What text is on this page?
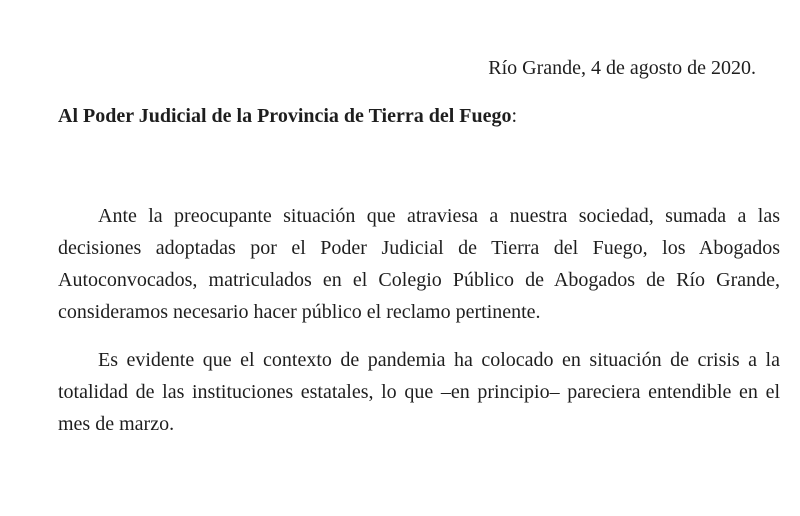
Río Grande, 4 de agosto de 2020.
Al Poder Judicial de la Provincia de Tierra del Fuego:
Ante la preocupante situación que atraviesa a nuestra sociedad, sumada a las
decisiones adoptadas por el Poder Judicial de Tierra del Fuego, los Abogados
Autoconvocados, matriculados en el Colegio Público de Abogados de Río Grande,
consideramos necesario hacer público el reclamo pertinente.
Es evidente que el contexto de pandemia ha colocado en situación de crisis a la
totalidad de las instituciones estatales, lo que –en principio– pareciera entendible en el
mes de marzo.
